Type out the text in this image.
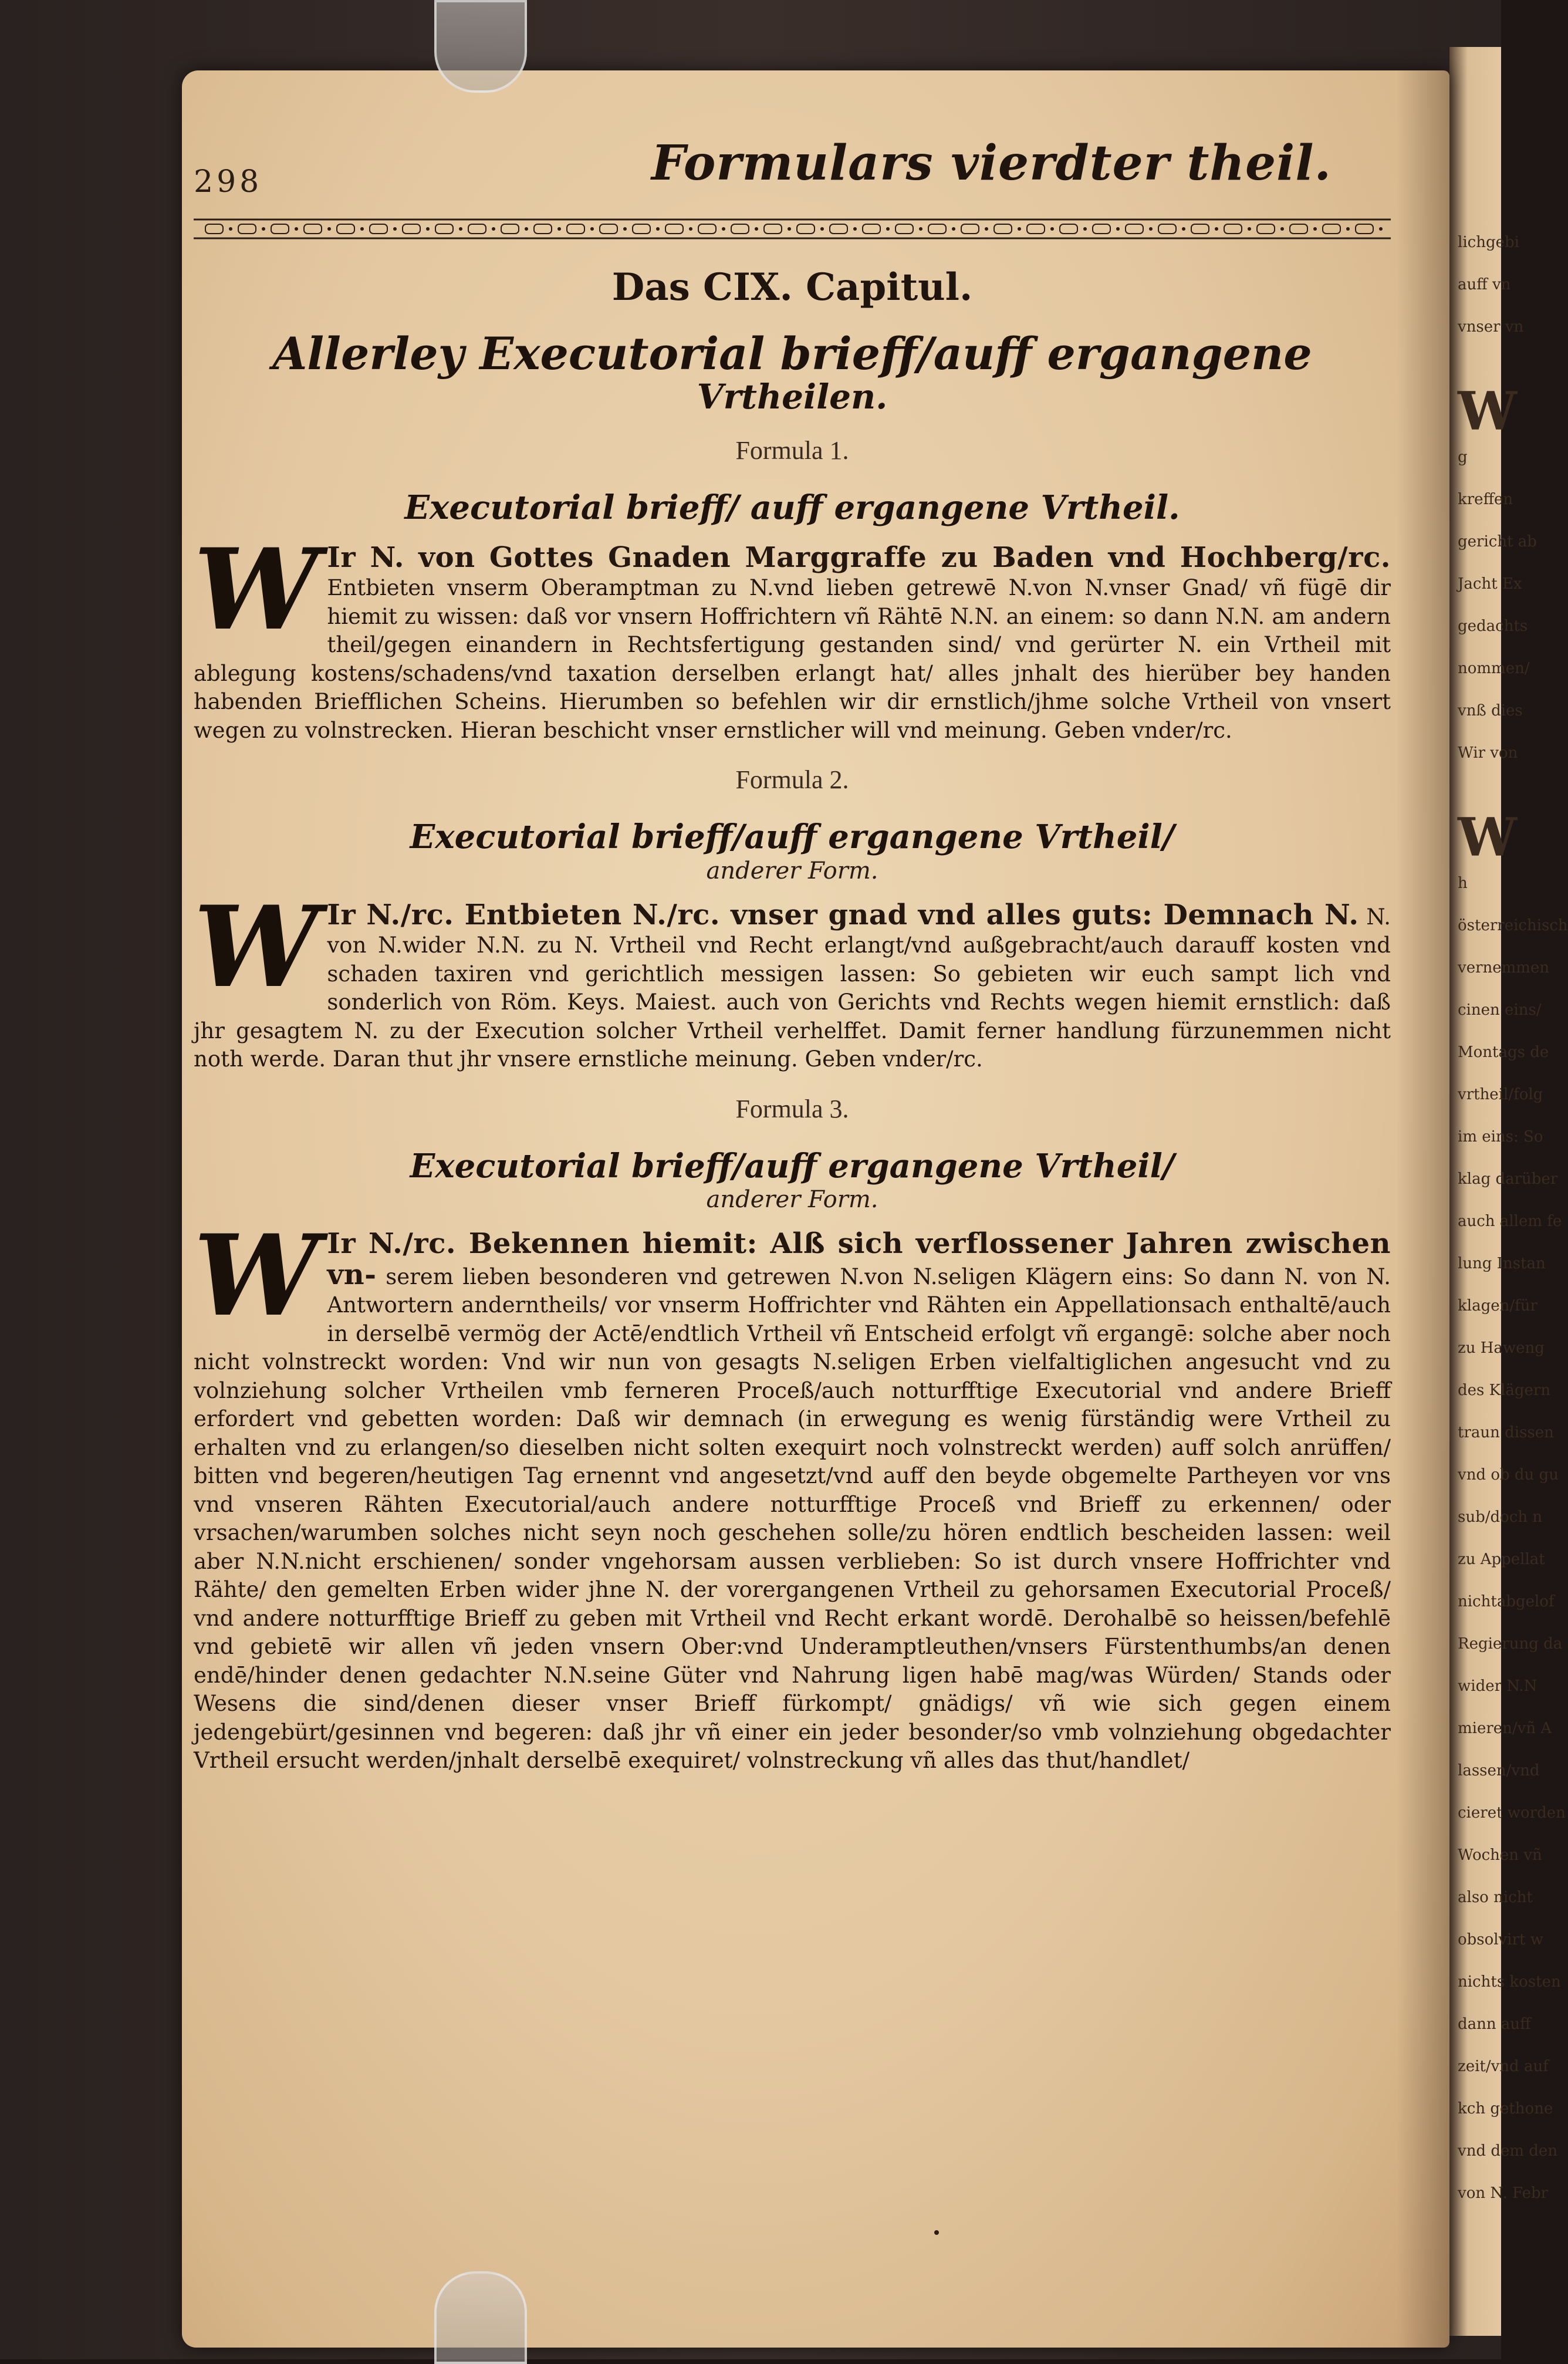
lichgebi
auff vn
vnser vn
W
g
kreffen
gericht ab
Jacht Ex
gedachts
nommen/
vnß dies
Wir von
W
h
österreichisch
vernemmen
cinen eins/
Montags de
vrtheil/folg
im eins: So
klag darüber
auch allem fe
lung Instan
klagen/für
zu Haweng
des Klägern
traun dissen
vnd ob du gu
sub/doch n
zu Appellat
nichtabgelof
Regierung da
wider N.N
mieren/vñ A
lassen/vnd
cieret worden
Wochen vñ
also nicht
obsolvirt w
nichts kosten
dann auff
zeit/vnd auf
kch gethone
vnd dem den
von N. Febr
298	Formulars vierdter theil.
Das CIX. Capitul.
Allerley Executorial brieff/auff ergangene
Vrtheilen.
Formula 1.
Executorial brieff/ auff ergangene Vrtheil.
W Ir N. von Gottes Gnaden Marggraffe zu Baden vnd Hochberg/rc. Entbieten vnserm Oberamptman zu N.vnd lieben getrewē N.von N.vnser Gnad/ vñ fügē dir hiemit zu wissen: daß vor vnsern Hoffrichtern vñ Rähtē N.N. an einem: so dann N.N. am andern theil/gegen einandern in Rechtsfertigung gestanden sind/ vnd gerürter N. ein Vrtheil mit ablegung kostens/schadens/vnd taxation derselben erlangt hat/ alles jnhalt des hierüber bey handen habenden Briefflichen Scheins. Hierumben so befehlen wir dir ernstlich/jhme solche Vrtheil von vnsert wegen zu volnstrecken. Hieran beschicht vnser ernstlicher will vnd meinung. Geben vnder/rc.
Formula 2.
Executorial brieff/auff ergangene Vrtheil/
anderer Form.
W Ir N./rc. Entbieten N./rc. vnser gnad vnd alles guts: Demnach N. N. von N.wider N.N. zu N. Vrtheil vnd Recht erlangt/vnd außgebracht/auch darauff kosten vnd schaden taxiren vnd gerichtlich messigen lassen: So gebieten wir euch sampt lich vnd sonderlich von Röm. Keys. Maiest. auch von Gerichts vnd Rechts wegen hiemit ernstlich: daß jhr gesagtem N. zu der Execution solcher Vrtheil verhelffet. Damit ferner handlung fürzunemmen nicht noth werde. Daran thut jhr vnsere ernstliche meinung. Geben vnder/rc.
Formula 3.
Executorial brieff/auff ergangene Vrtheil/
anderer Form.
W Ir N./rc. Bekennen hiemit: Alß sich verflossener Jahren zwischen vn- serem lieben besonderen vnd getrewen N.von N.seligen Klägern eins: So dann N. von N. Antwortern anderntheils/ vor vnserm Hoffrichter vnd Rähten ein Appellationsach enthaltē/auch in derselbē vermög der Actē/endtlich Vrtheil vñ Entscheid erfolgt vñ ergangē: solche aber noch nicht volnstreckt worden: Vnd wir nun von gesagts N.seligen Erben vielfaltiglichen angesucht vnd zu volnziehung solcher Vrtheilen vmb ferneren Proceß/auch notturfftige Executorial vnd andere Brieff erfordert vnd gebetten worden: Daß wir demnach (in erwegung es wenig fürständig were Vrtheil zu erhalten vnd zu erlangen/so dieselben nicht solten exequirt noch volnstreckt werden) auff solch anrüffen/ bitten vnd begeren/heutigen Tag ernennt vnd angesetzt/vnd auff den beyde obgemelte Partheyen vor vns vnd vnseren Rähten Executorial/auch andere notturfftige Proceß vnd Brieff zu erkennen/ oder vrsachen/warumben solches nicht seyn noch geschehen solle/zu hören endtlich bescheiden lassen: weil aber N.N.nicht erschienen/ sonder vngehorsam aussen verblieben: So ist durch vnsere Hoffrichter vnd Rähte/ den gemelten Erben wider jhne N. der vorergangenen Vrtheil zu gehorsamen Executorial Proceß/ vnd andere notturfftige Brieff zu geben mit Vrtheil vnd Recht erkant wordē. Derohalbē so heissen/befehlē vnd gebietē wir allen vñ jeden vnsern Ober:vnd Underamptleuthen/vnsers Fürstenthumbs/an denen endē/hinder denen gedachter N.N.seine Güter vnd Nahrung ligen habē mag/was Würden/ Stands oder Wesens die sind/denen dieser vnser Brieff fürkompt/ gnädigs/ vñ wie sich gegen einem jedengebürt/gesinnen vnd begeren: daß jhr vñ einer ein jeder besonder/so vmb volnziehung obgedachter Vrtheil ersucht werden/jnhalt derselbē exequiret/ volnstreckung vñ alles das thut/handlet/
